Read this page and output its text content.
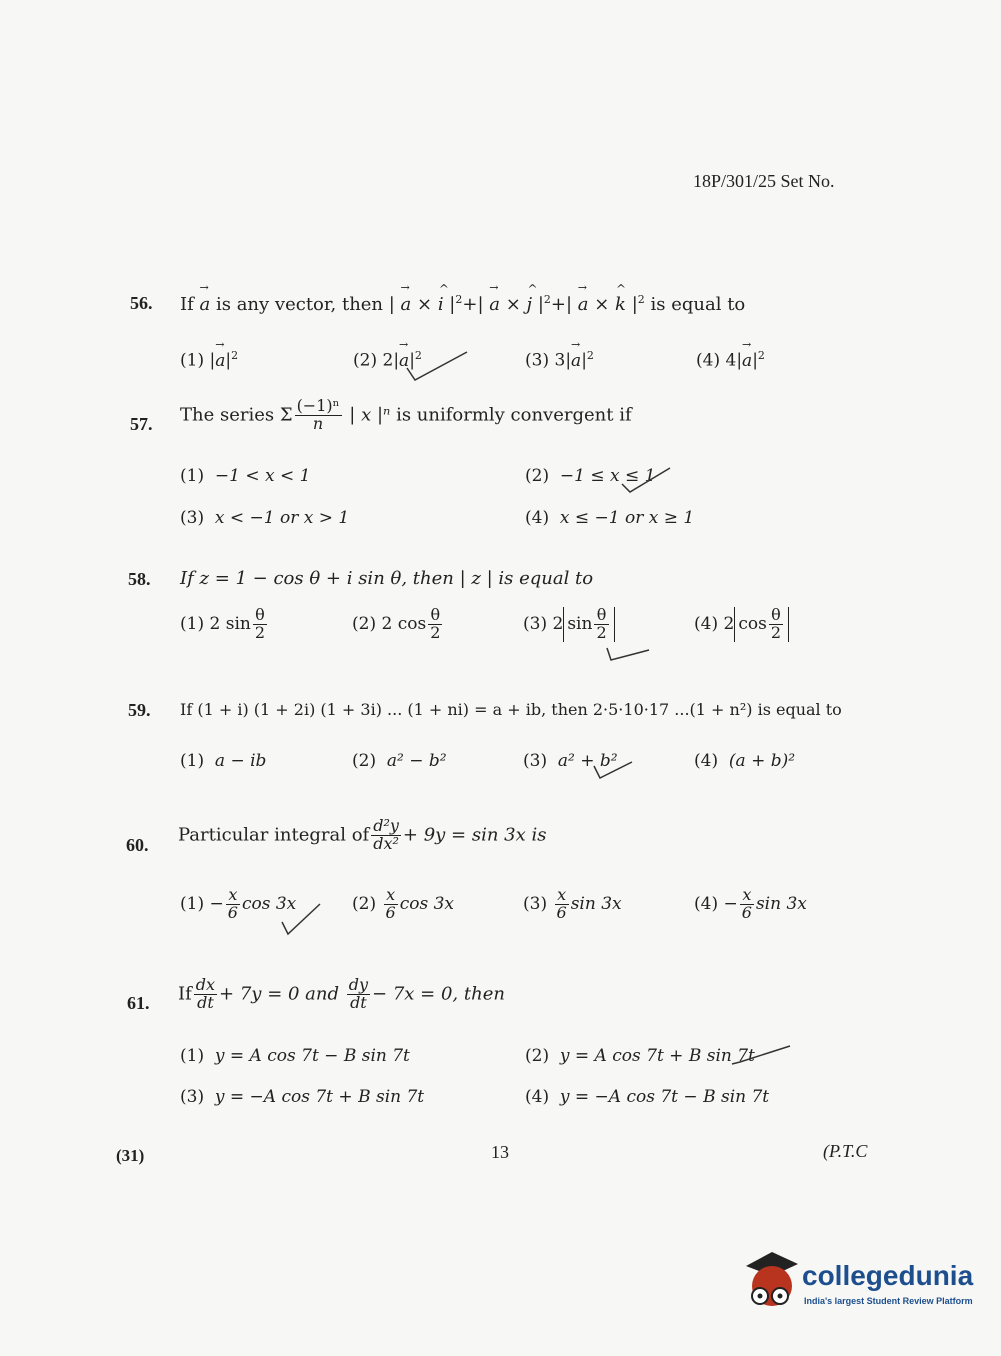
18P/301/25 Set No.
56. If → a is any vector, then | → a × ^ i $|^2+| \to a$ × ^ j $|^2+| \to a$ × ^ k $|^2$ is equal to
(1) |→ $a|^2$	(2) $2|\to a|^2$	(3) $3|\to a|^2$	(4) $4|\to a|^2$
57. The series Σ $\frac{\text{(−1)ⁿ}}{n}$ | x |ⁿ is uniformly convergent if
(1) −1 < x < 1	(2) −1 ≤ x ≤ 1
(3) x < −1 or x > 1	(4) x ≤ −1 or x ≥ 1
58. If z = 1 − cos θ + i sin θ, then | z | is equal to
(1) 2 $\sin \frac{\theta}{2}$	(2) 2 $\cos \frac{\theta}{2}$	(3) 2 $\sin \frac{\theta}{2}$	(4) 2 $\cos \frac{\theta}{2}$
59. If (1 + i) (1 + 2i) (1 + 3i) ... (1 + ni) = a + ib, then 2·5·10·17 ...(1 + n²) is equal to
(1) a − ib	(2) a² − b²	(3) a² + b²	(4) (a + b)²
60. Particular integral of $\frac{\text{d²y}}{\text{dx²}} + 9y = \sin 3x$ is
$(1) - \frac{x}{6}$ cos 3x	$(2) \frac{x}{6}$ cos 3x	$(3) \frac{x}{6}$ sin 3x	$(4) - \frac{x}{6}$ sin 3x
61. If $\frac{dx}{dt} + 7y = 0$ and $\frac{dy}{dt} - 7x = 0$, then
(1) y = A cos 7t − B sin 7t	(2) y = A cos 7t + B sin 7t
(3) y = −A cos 7t + B sin 7t	(4) y = −A cos 7t − B sin 7t
(31)	13	(P.T.C
collegedunia
India's largest Student Review Platform
